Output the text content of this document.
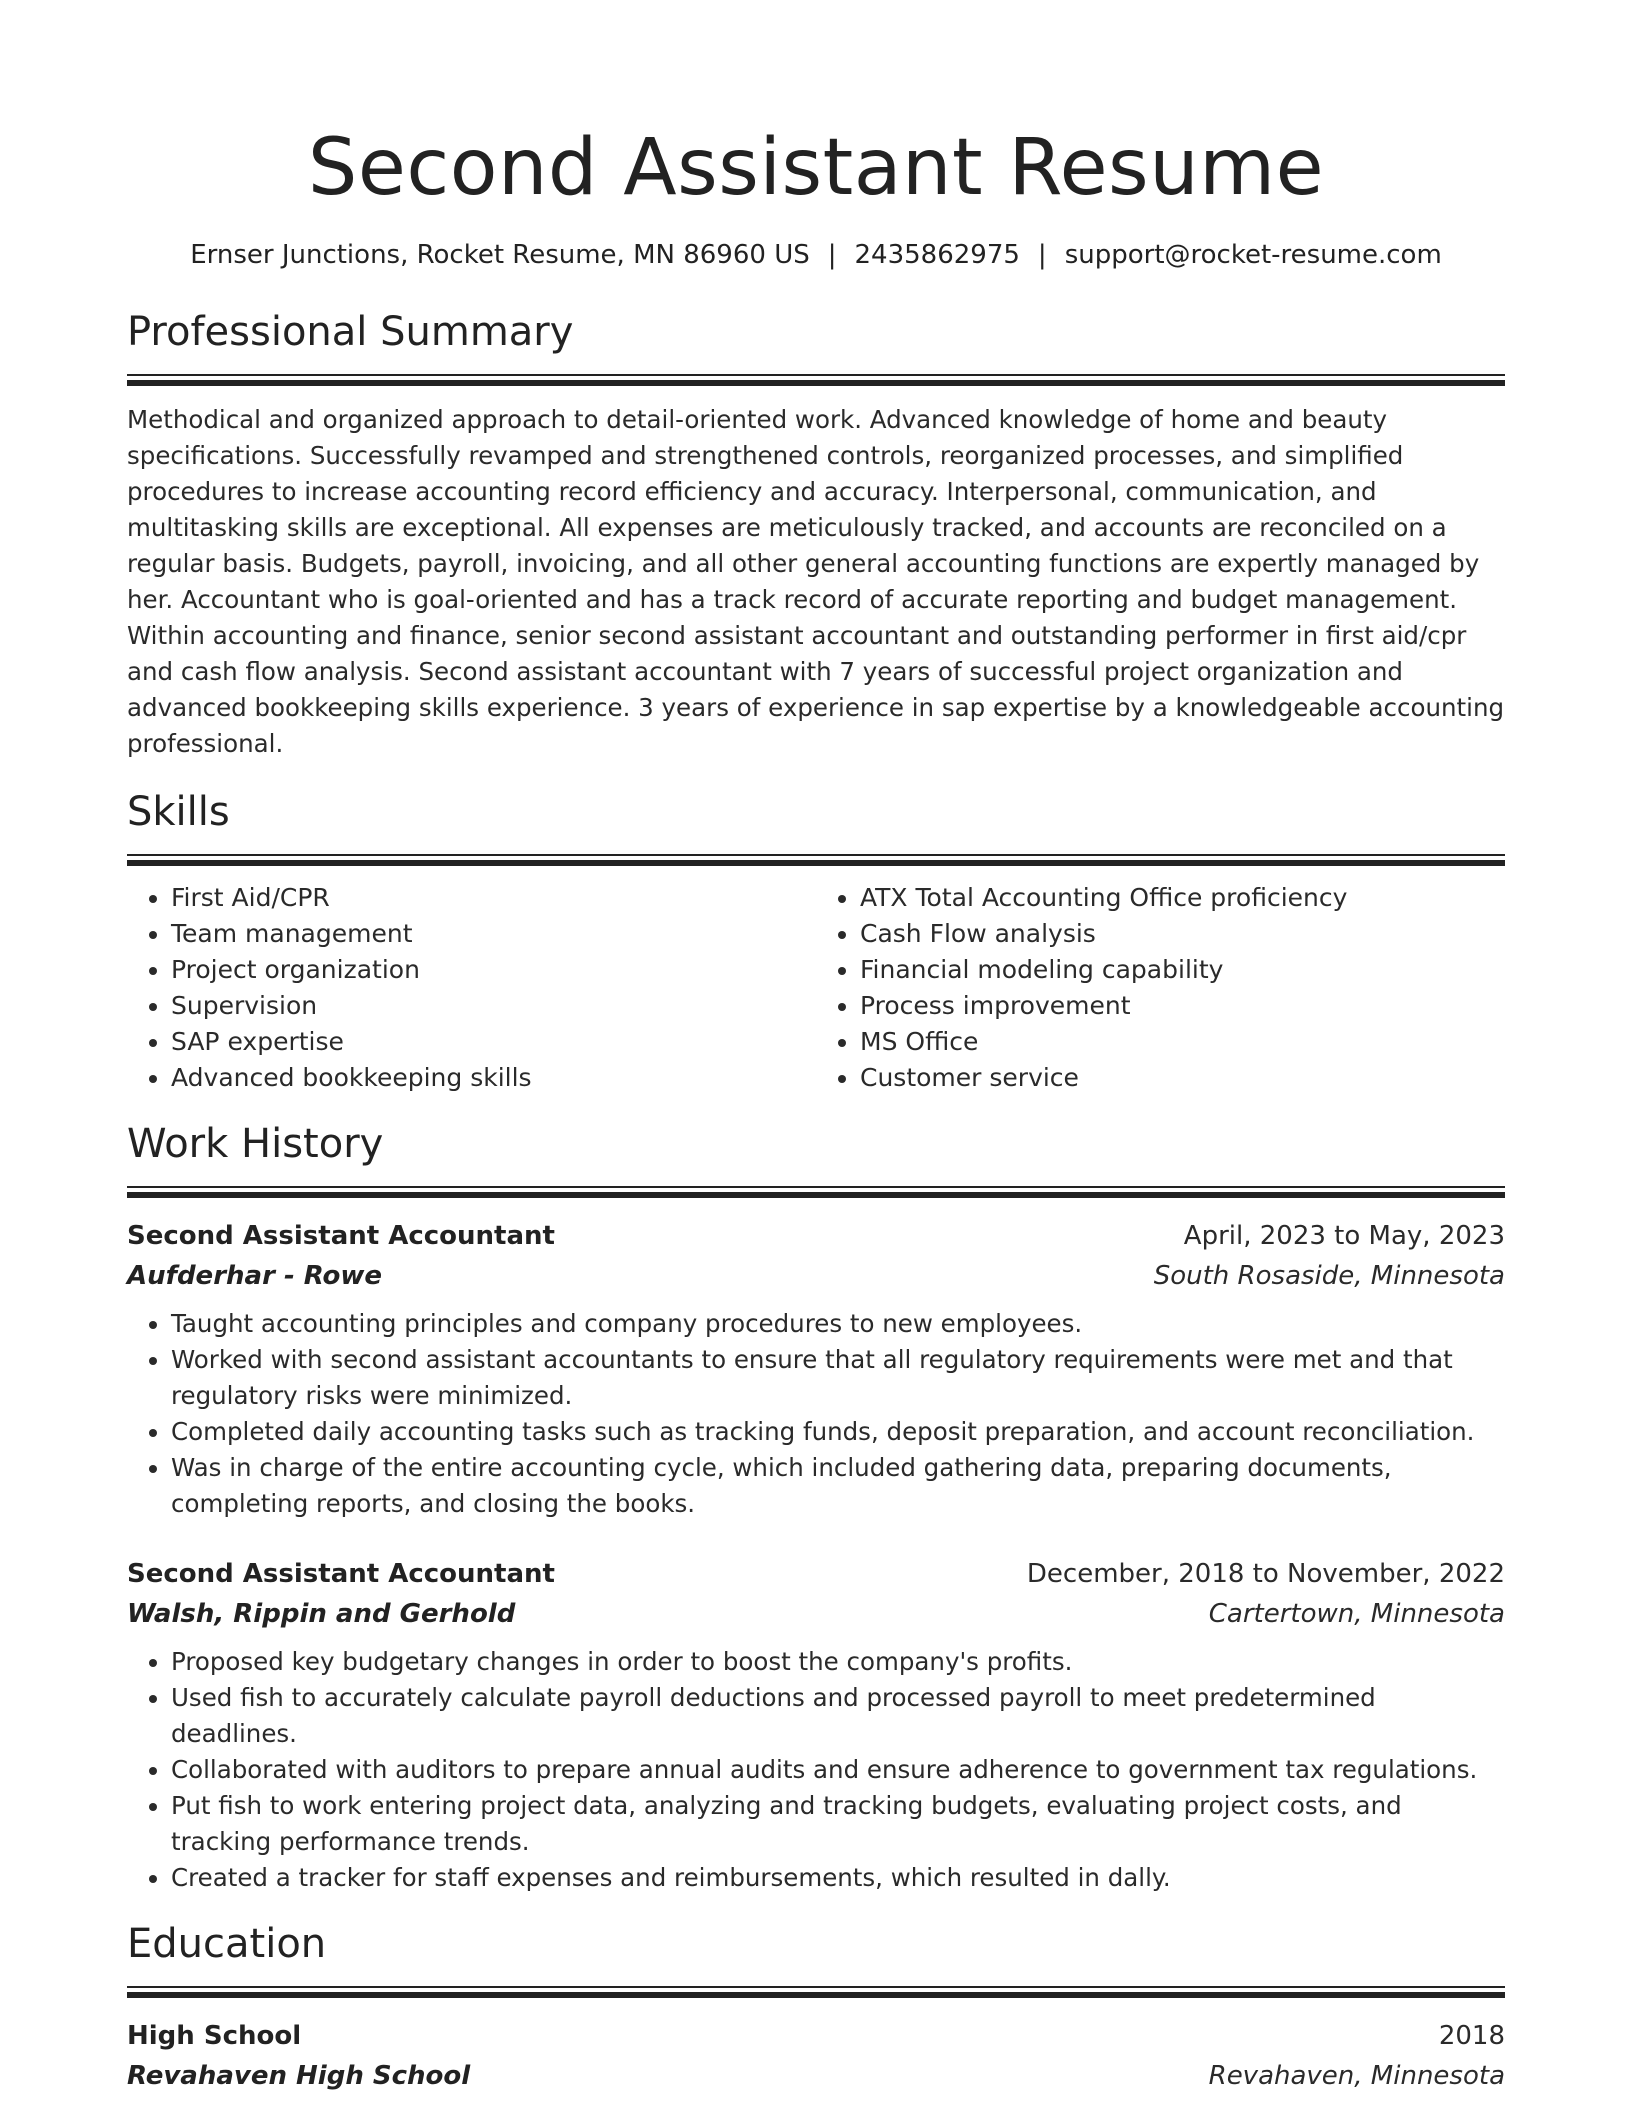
Second Assistant Resume
Ernser Junctions, Rocket Resume, MN 86960 US | 2435862975 | support@rocket-resume.com
Professional Summary

Methodical and organized approach to detail-oriented work. Advanced knowledge of home and beauty specifications. Successfully revamped and strengthened controls, reorganized processes, and simplified procedures to increase accounting record efficiency and accuracy. Interpersonal, communication, and multitasking skills are exceptional. All expenses are meticulously tracked, and accounts are reconciled on a regular basis. Budgets, payroll, invoicing, and all other general accounting functions are expertly managed by her. Accountant who is goal-oriented and has a track record of accurate reporting and budget management. Within accounting and finance, senior second assistant accountant and outstanding performer in first aid/cpr and cash flow analysis. Second assistant accountant with 7 years of successful project organization and advanced bookkeeping skills experience. 3 years of experience in sap expertise by a knowledgeable accounting professional.

Skills
• First Aid/CPR
• Team management
• Project organization
• Supervision
• SAP expertise
• Advanced bookkeeping skills
• ATX Total Accounting Office proficiency
• Cash Flow analysis
• Financial modeling capability
• Process improvement
• MS Office
• Customer service
Work History
Second Assistant Accountant	April, 2023 to May, 2023
Aufderhar - Rowe	South Rosaside, Minnesota
• Taught accounting principles and company procedures to new employees.
• Worked with second assistant accountants to ensure that all regulatory requirements were met and that regulatory risks were minimized.
• Completed daily accounting tasks such as tracking funds, deposit preparation, and account reconciliation.
• Was in charge of the entire accounting cycle, which included gathering data, preparing documents, completing reports, and closing the books.
Second Assistant Accountant	December, 2018 to November, 2022
Walsh, Rippin and Gerhold	Cartertown, Minnesota
• Proposed key budgetary changes in order to boost the company's profits.
• Used fish to accurately calculate payroll deductions and processed payroll to meet predetermined deadlines.
• Collaborated with auditors to prepare annual audits and ensure adherence to government tax regulations.
• Put fish to work entering project data, analyzing and tracking budgets, evaluating project costs, and tracking performance trends.
• Created a tracker for staff expenses and reimbursements, which resulted in dally.
Education
High School	2018
Revahaven High School	Revahaven, Minnesota
